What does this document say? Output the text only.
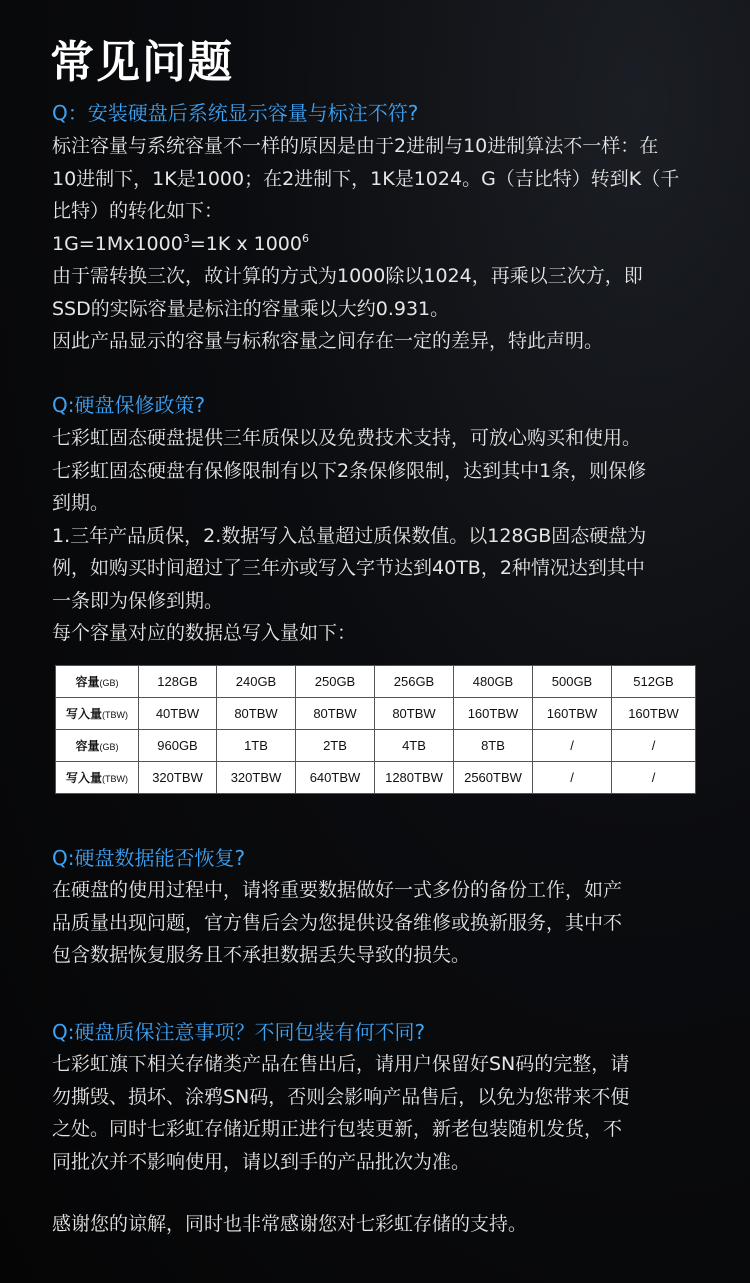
常见问题
Q：安装硬盘后系统显示容量与标注不符?

标注容量与系统容量不一样的原因是由于2进制与10进制算法不一样：在

10进制下，1K是1000；在2进制下，1K是1024。G（吉比特）转到K（千

比特）的转化如下：

$1G=1Mx1000^3=1K$ x 1000$^6$

由于需转换三次，故计算的方式为1000除以1024，再乘以三次方，即

SSD的实际容量是标注的容量乘以大约0.931。

因此产品显示的容量与标称容量之间存在一定的差异，特此声明。

Q:硬盘保修政策?

七彩虹固态硬盘提供三年质保以及免费技术支持，可放心购买和使用。

七彩虹固态硬盘有保修限制有以下2条保修限制，达到其中1条，则保修

到期。

1.三年产品质保，2.数据写入总量超过质保数值。以128GB固态硬盘为

例，如购买时间超过了三年亦或写入字节达到40TB，2种情况达到其中

一条即为保修到期。

每个容量对应的数据总写入量如下：

容量(GB)	128GB	240GB	250GB	256GB	480GB	500GB	512GB
写入量(TBW)	40TBW	80TBW	80TBW	80TBW	160TBW	160TBW	160TBW
容量(GB)	960GB	1TB	2TB	4TB	8TB	/	/
写入量(TBW)	320TBW	320TBW	640TBW	1280TBW	2560TBW	/	/
Q:硬盘数据能否恢复?

在硬盘的使用过程中，请将重要数据做好一式多份的备份工作，如产

品质量出现问题，官方售后会为您提供设备维修或换新服务，其中不

包含数据恢复服务且不承担数据丢失导致的损失。

Q:硬盘质保注意事项？不同包装有何不同?

七彩虹旗下相关存储类产品在售出后，请用户保留好SN码的完整，请

勿撕毁、损坏、涂鸦SN码，否则会影响产品售后，以免为您带来不便

之处。同时七彩虹存储近期正进行包装更新，新老包装随机发货，不

同批次并不影响使用，请以到手的产品批次为准。

感谢您的谅解，同时也非常感谢您对七彩虹存储的支持。
